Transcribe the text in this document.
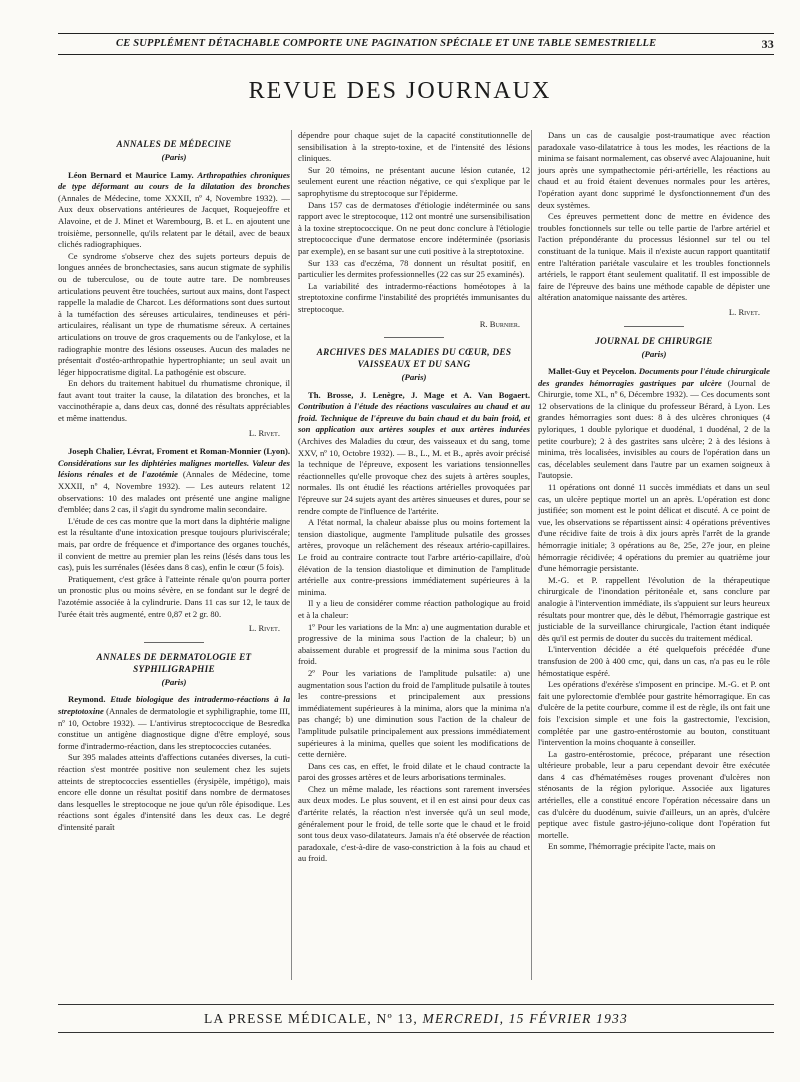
CE SUPPLÉMENT DÉTACHABLE COMPORTE UNE PAGINATION SPÉCIALE ET UNE TABLE SEMESTRIELLE	33
REVUE DES JOURNAUX
ANNALES DE MÉDECINE
(Paris)

Léon Bernard et Maurice Lamy. Arthropathies chroniques de type déformant au cours de la dilatation des bronches (Annales de Médecine, tome XXXII, nº 4, Novembre 1932). — Aux deux observations antérieures de Jacquet, Roquejeoffre et Alavoine, et de J. Minet et Warembourg, B. et L. en ajoutent une troisième, personnelle, qu'ils relatent par le détail, avec de beaux clichés radiographiques.

Ce syndrome s'observe chez des sujets porteurs depuis de longues années de bronchectasies, sans aucun stigmate de syphilis ou de tuberculose, ou de toute autre tare. De nombreuses articulations peuvent être touchées, surtout aux mains, dont l'aspect rappelle la maladie de Charcot. Les déformations sont dues surtout à la tuméfaction des séreuses articulaires, tendineuses et péri-articulaires, réalisant un type de rhumatisme séreux. A certaines articulations on trouve de gros craquements ou de l'ankylose, et la radiographie montre des lésions osseuses. Aucun des malades ne présentait d'ostéo-arthropathie hypertrophiante; un seul avait un léger hippocratisme digital. La pathogénie est obscure.

En dehors du traitement habituel du rhumatisme chronique, il faut avant tout traiter la cause, la dilatation des bronches, et la vaccinothérapie a, dans deux cas, donné des résultats appréciables et même inattendus.

L. Rivet.

Joseph Chalier, Lévrat, Froment et Roman-Monnier (Lyon). Considérations sur les diphtéries malignes mortelles. Valeur des lésions rénales et de l'azotémie (Annales de Médecine, tome XXXII, nº 4, Novembre 1932). — Les auteurs relatent 12 observations: 10 des malades ont présenté une angine maligne d'emblée; dans 2 cas, il s'agit du syndrome malin secondaire.

L'étude de ces cas montre que la mort dans la diphtérie maligne est la résultante d'une intoxication presque toujours pluriviscérale; mais, par ordre de fréquence et d'importance des organes touchés, il convient de mettre au premier plan les reins (lésés dans tous les cas), puis les surrénales (lésées dans 8 cas), enfin le cœur (5 fois).

Pratiquement, c'est grâce à l'atteinte rénale qu'on pourra porter un pronostic plus ou moins sévère, en se fondant sur le degré de l'azotémie associée à la cylindrurie. Dans 11 cas sur 12, le taux de l'urée était très augmenté, entre 0,87 et 2 gr. 80.

L. Rivet.
ANNALES DE DERMATOLOGIE ET SYPHILIGRAPHIE
(Paris)

Reymond. Etude biologique des intradermo-réactions à la streptotoxine (Annales de dermatologie et syphiligraphie, tome III, nº 10, Octobre 1932). — L'antivirus streptococcique de Besredka constitue un antigène diagnostique digne d'être employé, sous forme d'intradermo-réaction, dans les streptococcies cutanées.

Sur 395 malades atteints d'affections cutanées diverses, la cuti-réaction s'est montrée positive non seulement chez les sujets atteints de streptococcies essentielles (érysipèle, impétigo), mais encore elle donne un résultat positif dans nombre de dermatoses dans lesquelles le streptocoque ne joue qu'un rôle épisodique. Les réactions sont égales d'intensité dans les deux cas. Le degré d'intensité paraît

dépendre pour chaque sujet de la capacité constitutionnelle de sensibilisation à la strepto-toxine, et de l'intensité des lésions cliniques.

Sur 20 témoins, ne présentant aucune lésion cutanée, 12 seulement eurent une réaction négative, ce qui s'explique par le saprophytisme du streptocoque sur l'épiderme.

Dans 157 cas de dermatoses d'étiologie indéterminée ou sans rapport avec le streptocoque, 112 ont montré une sursensibilisation à la toxine streptococcique. On ne peut donc conclure à l'étiologie streptococcique d'une dermatose encore indéterminée (psoriasis par exemple), en se basant sur une cuti positive à la streptotoxine.

Sur 133 cas d'eczéma, 78 donnent un résultat positif, en particulier les dermites professionnelles (22 cas sur 25 examinés).

La variabilité des intradermo-réactions homéotopes à la streptotoxine confirme l'instabilité des propriétés immunisantes du streptocoque.

R. Burnier.
ARCHIVES DES MALADIES DU CŒUR, DES VAISSEAUX ET DU SANG
(Paris)

Th. Brosse, J. Lenègre, J. Mage et A. Van Bogaert. Contribution à l'étude des réactions vasculaires au chaud et au froid. Technique de l'épreuve du bain chaud et du bain froid, et son application aux artères souples et aux artères indurées (Archives des Maladies du cœur, des vaisseaux et du sang, tome XXV, nº 10, Octobre 1932). — B., L., M. et B., après avoir précisé la technique de l'épreuve, exposent les variations tensionnelles réactionnelles qu'elle provoque chez des sujets à artères souples, normales. Ils ont étudié les réactions artérielles provoquées par l'épreuve sur 24 sujets ayant des artères sinueuses et dures, pour se rendre compte de l'influence de l'artérite.

A l'état normal, la chaleur abaisse plus ou moins fortement la tension diastolique, augmente l'amplitude pulsatile des grosses artères, provoque un relâchement des réseaux artério-capillaires. Le froid au contraire contracte tout l'arbre artério-capillaire, d'où élévation de la tension diastolique et diminution de l'amplitude artérielle aux contre-pressions immédiatement supérieures à la minima.

Il y a lieu de considérer comme réaction pathologique au froid et à la chaleur:

1º Pour les variations de la Mn: a) une augmentation durable et progressive de la minima sous l'action de la chaleur; b) un abaissement durable et progressif de la minima sous l'action du froid.

2º Pour les variations de l'amplitude pulsatile: a) une augmentation sous l'action du froid de l'amplitude pulsatile à toutes les contre-pressions et principalement aux pressions immédiatement supérieures à la minima, alors que la minima n'a pas changé; b) une diminution sous l'action de la chaleur de l'amplitude pulsatile principalement aux pressions immédiatement supérieures à la minima, quelles que soient les modifications de cette dernière.

Dans ces cas, en effet, le froid dilate et le chaud contracte la paroi des grosses artères et de leurs arborisations terminales.

Chez un même malade, les réactions sont rarement inversées aux deux modes. Le plus souvent, et il en est ainsi pour deux cas d'artérite relatés, la réaction n'est inversée qu'à un seul mode, généralement pour le froid, de telle sorte que le chaud et le froid sont tous deux vaso-dilatateurs. Jamais n'a été observée de réaction paradoxale, c'est-à-dire de vaso-constriction à la fois au chaud et au froid.

Dans un cas de causalgie post-traumatique avec réaction paradoxale vaso-dilatatrice à tous les modes, les réactions de la minima se faisant normalement, cas observé avec Alajouanine, huit jours après une sympathectomie péri-artérielle, les réactions au chaud et au froid étaient devenues normales pour les artères, l'opération ayant donc supprimé le dysfonctionnement d'un des deux systèmes.

Ces épreuves permettent donc de mettre en évidence des troubles fonctionnels sur telle ou telle partie de l'arbre artériel et l'action prépondérante du processus lésionnel sur tel ou tel constituant de la tunique. Mais il n'existe aucun rapport quantitatif entre l'altération pariétale vasculaire et les troubles fonctionnels artériels, le rapport étant seulement qualitatif. Il est impossible de faire de l'épreuve des bains une méthode capable de dépister une altération anatomique naissante des artères.

L. Rivet.
JOURNAL DE CHIRURGIE
(Paris)

Mallet-Guy et Peycelon. Documents pour l'étude chirurgicale des grandes hémorragies gastriques par ulcère (Journal de Chirurgie, tome XL, nº 6, Décembre 1932). — Ces documents sont 12 observations de la clinique du professeur Bérard, à Lyon. Les grandes hémorragies sont dues: 8 à des ulcères chroniques (4 pyloriques, 1 double pylorique et duodénal, 1 duodénal, 2 de la petite courbure); 2 à des gastrites sans ulcère; 2 à des lésions à minima, très localisées, invisibles au cours de l'opération dans un cas, décelables seulement dans l'autre par un examen soigneux à l'autopsie.

11 opérations ont donné 11 succès immédiats et dans un seul cas, un ulcère peptique mortel un an après. L'opération est donc justifiée; son moment est le point délicat et discuté. A ce point de vue, les observations se répartissent ainsi: 4 opérations préventives d'une récidive faite de trois à dix jours après l'arrêt de la grande hémorragie initiale; 3 opérations au 8e, 25e, 27e jour, en pleine hémorragie récidivée; 4 opérations du premier au quatrième jour d'une hémorragie persistante.

M.-G. et P. rappellent l'évolution de la thérapeutique chirurgicale de l'inondation péritonéale et, sans conclure par analogie à l'intervention immédiate, ils s'appuient sur leurs heureux résultats pour montrer que, dès le début, l'hémorragie gastrique est justiciable de la surveillance chirurgicale, l'action étant indiquée dès qu'il est permis de douter du succès du traitement médical.

L'intervention décidée a été quelquefois précédée d'une transfusion de 200 à 400 cmc, qui, dans un cas, n'a pas eu le rôle hémostatique espéré.

Les opérations d'exérèse s'imposent en principe. M.-G. et P. ont fait une pylorectomie d'emblée pour gastrite hémorragique. En cas d'ulcère de la petite courbure, comme il est de règle, ils ont fait une fois l'excision simple et une fois la gastrectomie, l'excision, complétée par une gastro-entérostomie au bouton, constituant l'intervention la moins choquante à conseiller.

La gastro-entérostomie, précoce, préparant une résection ultérieure probable, leur a paru cependant devoir être exécutée dans 4 cas d'hématémèses rouges provenant d'ulcères non sténosants de la région pylorique. Associée aux ligatures artérielles, elle a constitué encore l'opération nécessaire dans un cas d'ulcère du duodénum, suivie d'ailleurs, un an après, d'ulcère peptique avec fistule gastro-jéjuno-colique dont l'opération fut mortelle.

En somme, l'hémorragie précipite l'acte, mais on

LA PRESSE MÉDICALE, Nº 13, MERCREDI, 15 FÉVRIER 1933
